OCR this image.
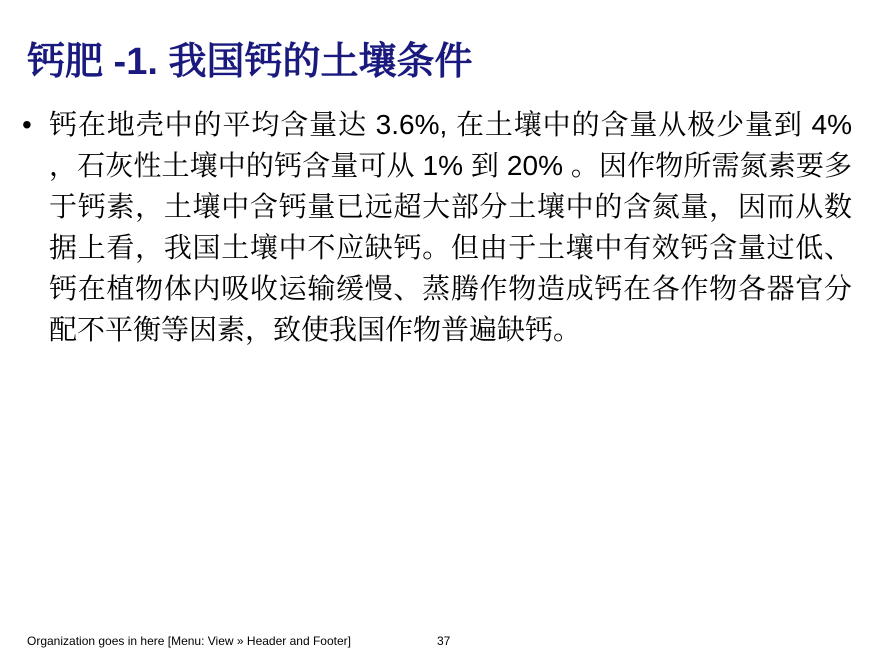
钙肥 -1. 我国钙的土壤条件
• 钙在地壳中的平均含量达 3.6%, 在土壤中的含量从极少量到 4% ，石灰性土壤中的钙含量可从 1% 到 20% 。因作物所需氮素要多于钙素，土壤中含钙量已远超大部分土壤中的含氮量，因而从数据上看，我国土壤中不应缺钙。但由于土壤中有效钙含量过低、钙在植物体内吸收运输缓慢、蒸腾作物造成钙在各作物各器官分配不平衡等因素，致使我国作物普遍缺钙。

Organization goes in here [Menu: View » Header and Footer]	37
